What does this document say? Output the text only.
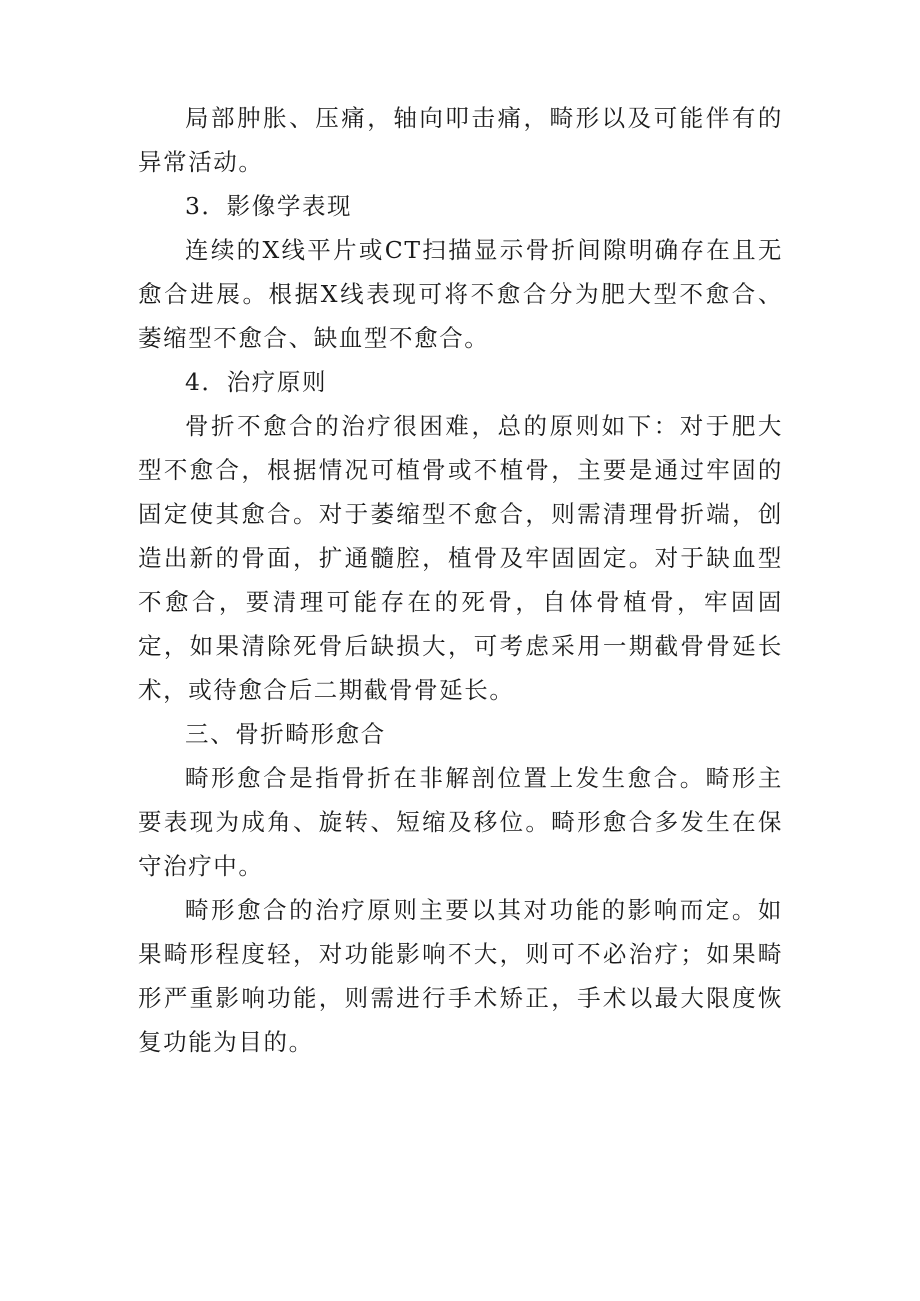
局部肿胀、压痛，轴向叩击痛，畸形以及可能伴有的异常活动。

3．影像学表现

连续的X线平片或CT扫描显示骨折间隙明确存在且无愈合进展。根据X线表现可将不愈合分为肥大型不愈合、萎缩型不愈合、缺血型不愈合。

4．治疗原则

骨折不愈合的治疗很困难，总的原则如下：对于肥大型不愈合，根据情况可植骨或不植骨，主要是通过牢固的固定使其愈合。对于萎缩型不愈合，则需清理骨折端，创造出新的骨面，扩通髓腔，植骨及牢固固定。对于缺血型不愈合，要清理可能存在的死骨，自体骨植骨，牢固固定，如果清除死骨后缺损大，可考虑采用一期截骨骨延长术，或待愈合后二期截骨骨延长。

三、骨折畸形愈合

畸形愈合是指骨折在非解剖位置上发生愈合。畸形主要表现为成角、旋转、短缩及移位。畸形愈合多发生在保守治疗中。

畸形愈合的治疗原则主要以其对功能的影响而定。如果畸形程度轻，对功能影响不大，则可不必治疗；如果畸形严重影响功能，则需进行手术矫正，手术以最大限度恢复功能为目的。
